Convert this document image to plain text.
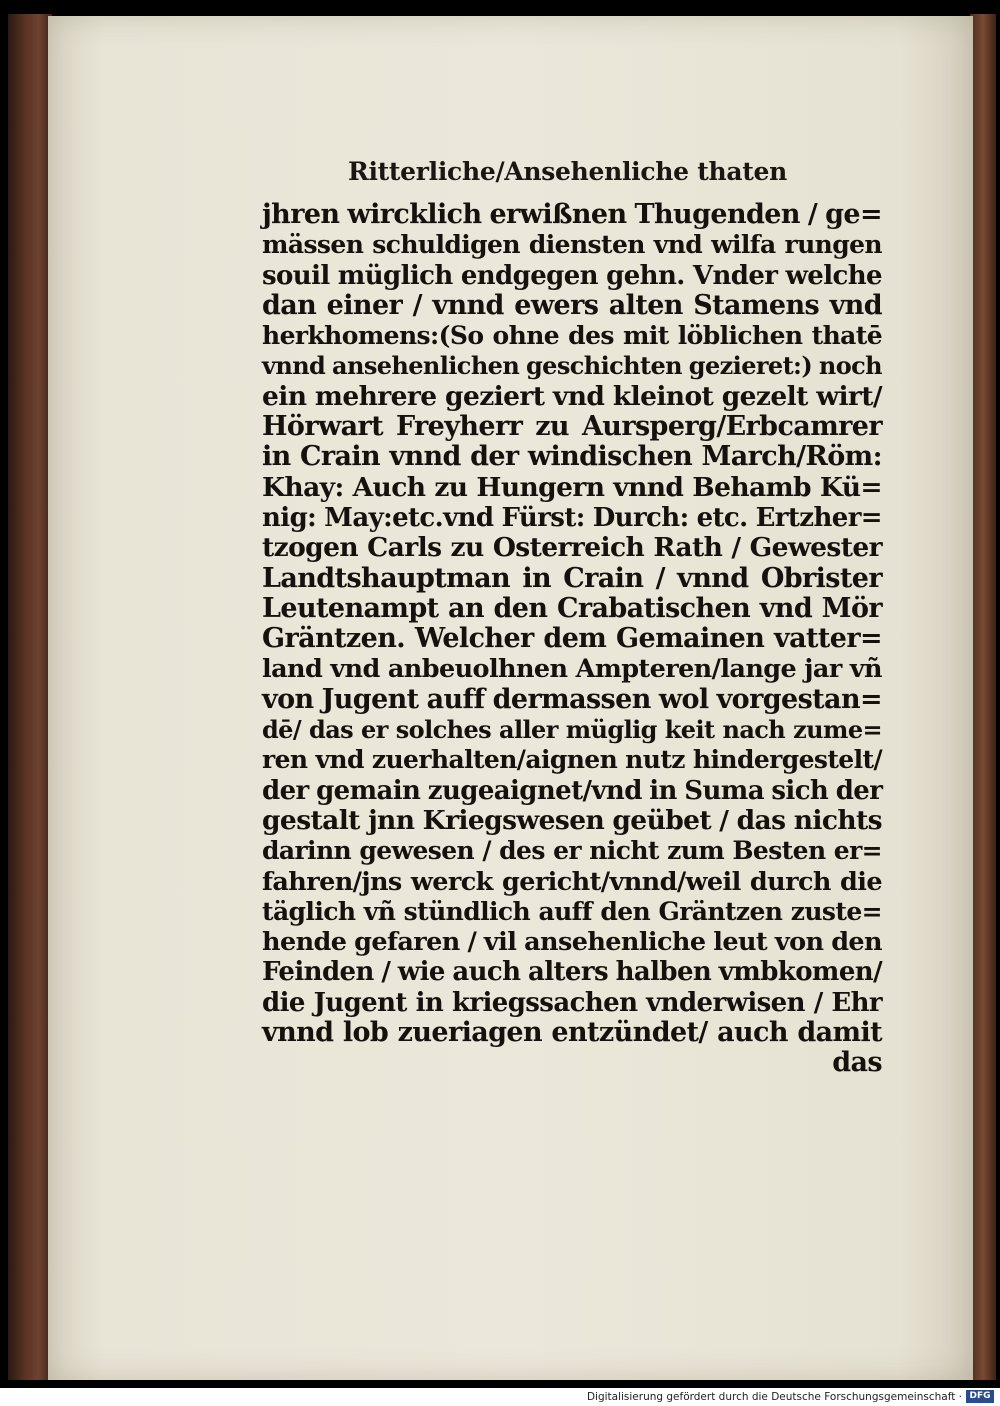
Ritterliche/Ansehenliche thaten
jhren wircklich erwißnen Thugenden / ge=
mässen schuldigen diensten vnd wilfa rungen
souil müglich endgegen gehn. Vnder welche
dan einer / vnnd ewers alten Stamens vnd
herkhomens:(So ohne des mit löblichen thatē
vnnd ansehenlichen geschichten gezieret:) noch
ein mehrere geziert vnd kleinot gezelt wirt/
Hörwart Freyherr zu Aursperg/Erbcamrer
in Crain vnnd der windischen March/Röm:
Khay: Auch zu Hungern vnnd Behamb Kü=
nig: May:etc.vnd Fürst: Durch: etc. Ertzher=
tzogen Carls zu Osterreich Rath / Gewester
Landtshauptman in Crain / vnnd Obrister
Leutenampt an den Crabatischen vnd Mör
Gräntzen. Welcher dem Gemainen vatter=
land vnd anbeuolhnen Ampteren/lange jar vñ
von Jugent auff dermassen wol vorgestan=
dē/ das er solches aller müglig keit nach zume=
ren vnd zuerhalten/aignen nutz hindergestelt/
der gemain zugeaignet/vnd in Suma sich der
gestalt jnn Kriegswesen geübet / das nichts
darinn gewesen / des er nicht zum Besten er=
fahren/jns werck gericht/vnnd/weil durch die
täglich vñ stündlich auff den Gräntzen zuste=
hende gefaren / vil ansehenliche leut von den
Feinden / wie auch alters halben vmbkomen/
die Jugent in kriegssachen vnderwisen / Ehr
vnnd lob zueriagen entzündet/ auch damit
das
Digitalisierung gefördert durch die Deutsche Forschungsgemeinschaft · DFG
